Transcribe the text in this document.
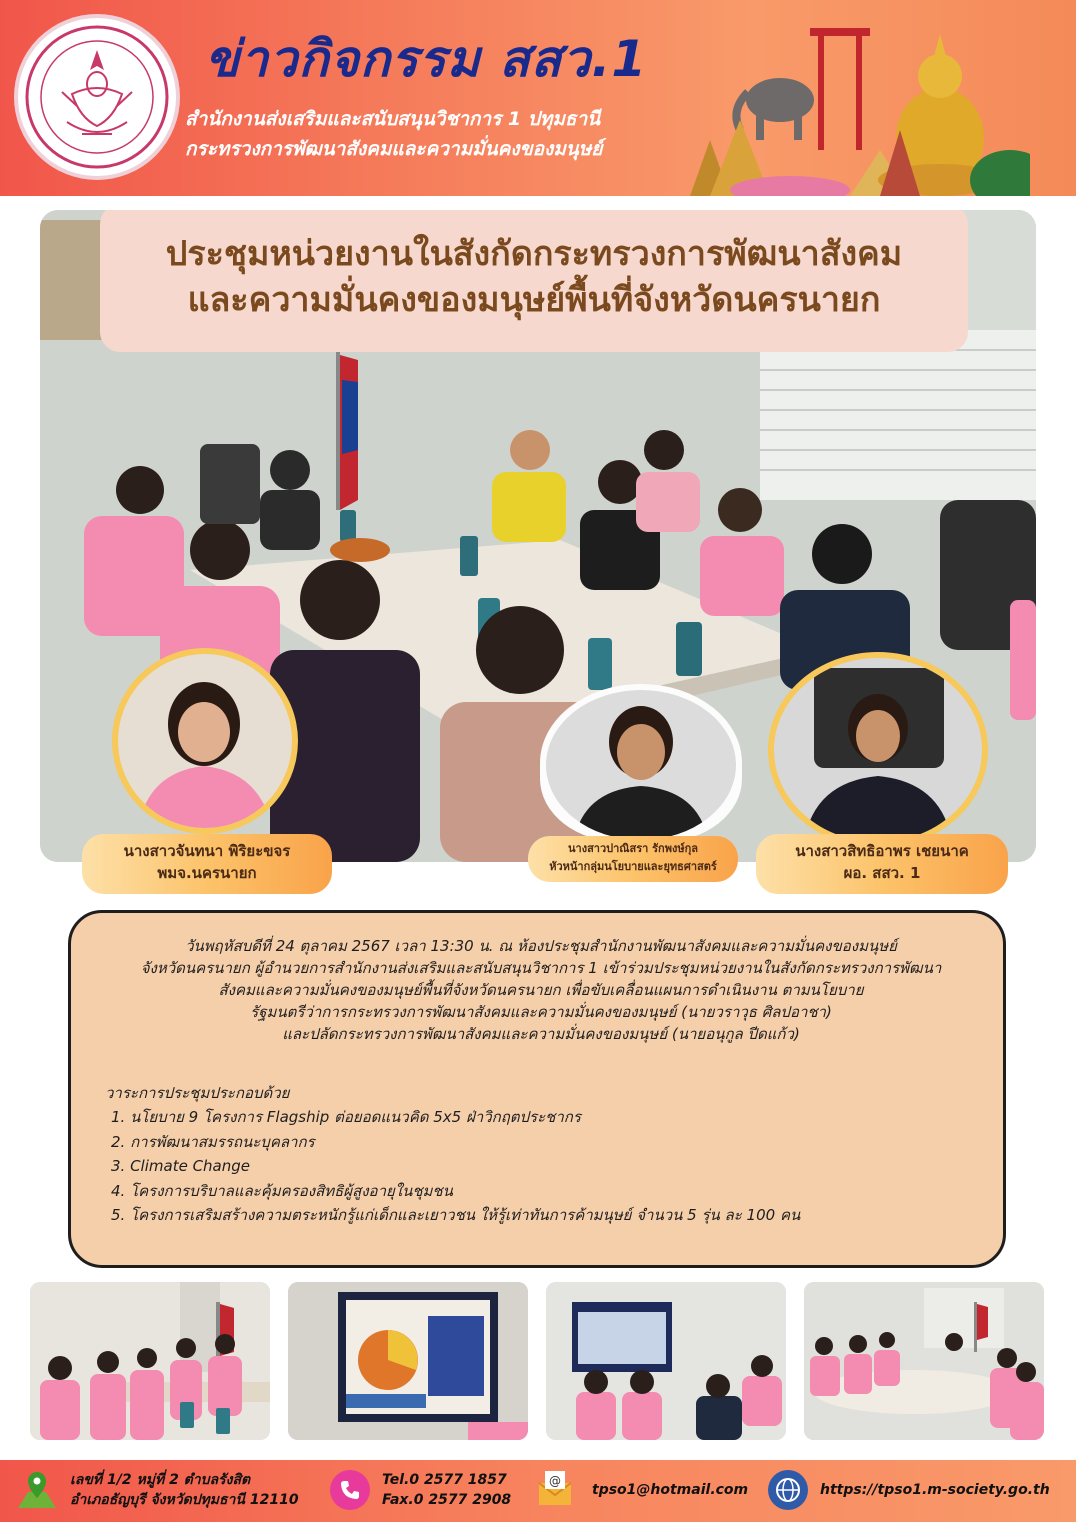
ข่าวกิจกรรม สสว.1
สำนักงานส่งเสริมและสนับสนุนวิชาการ 1 ปทุมธานี
กระทรวงการพัฒนาสังคมและความมั่นคงของมนุษย์
ประชุมหน่วยงานในสังกัดกระทรวงการพัฒนาสังคม
และความมั่นคงของมนุษย์พื้นที่จังหวัดนครนายก
นางสาวจันทนา พิริยะขจร
พมจ.นครนายก
นางสาวปาณิสรา รักพงษ์กุล
หัวหน้ากลุ่มนโยบายและยุทธศาสตร์
นางสาวสิทธิอาพร เชยนาค
ผอ. สสว. 1
วันพฤหัสบดีที่ 24 ตุลาคม 2567 เวลา 13:30 น. ณ ห้องประชุมสำนักงานพัฒนาสังคมและความมั่นคงของมนุษย์
จังหวัดนครนายก ผู้อำนวยการสำนักงานส่งเสริมและสนับสนุนวิชาการ 1 เข้าร่วมประชุมหน่วยงานในสังกัดกระทรวงการพัฒนา
สังคมและความมั่นคงของมนุษย์พื้นที่จังหวัดนครนายก เพื่อขับเคลื่อนแผนการดำเนินงาน ตามนโยบาย
รัฐมนตรีว่าการกระทรวงการพัฒนาสังคมและความมั่นคงของมนุษย์ (นายวราวุธ ศิลปอาชา)
และปลัดกระทรวงการพัฒนาสังคมและความมั่นคงของมนุษย์ (นายอนุกูล ปีดแก้ว)
วาระการประชุมประกอบด้วย
1. นโยบาย 9 โครงการ Flagship ต่อยอดแนวคิด 5x5 ฝ่าวิกฤตประชากร
2. การพัฒนาสมรรถนะบุคลากร
3. Climate Change
4. โครงการบริบาลและคุ้มครองสิทธิผู้สูงอายุในชุมชน
5. โครงการเสริมสร้างความตระหนักรู้แก่เด็กและเยาวชน ให้รู้เท่าทันการค้ามนุษย์ จำนวน 5 รุ่น ละ 100 คน
เลขที่ 1/2 หมู่ที่ 2 ตำบลรังสิต
อำเภอธัญบุรี จังหวัดปทุมธานี 12110
Tel.0 2577 1857
Fax.0 2577 2908
@
tpso1@hotmail.com	https://tpso1.m-society.go.th
